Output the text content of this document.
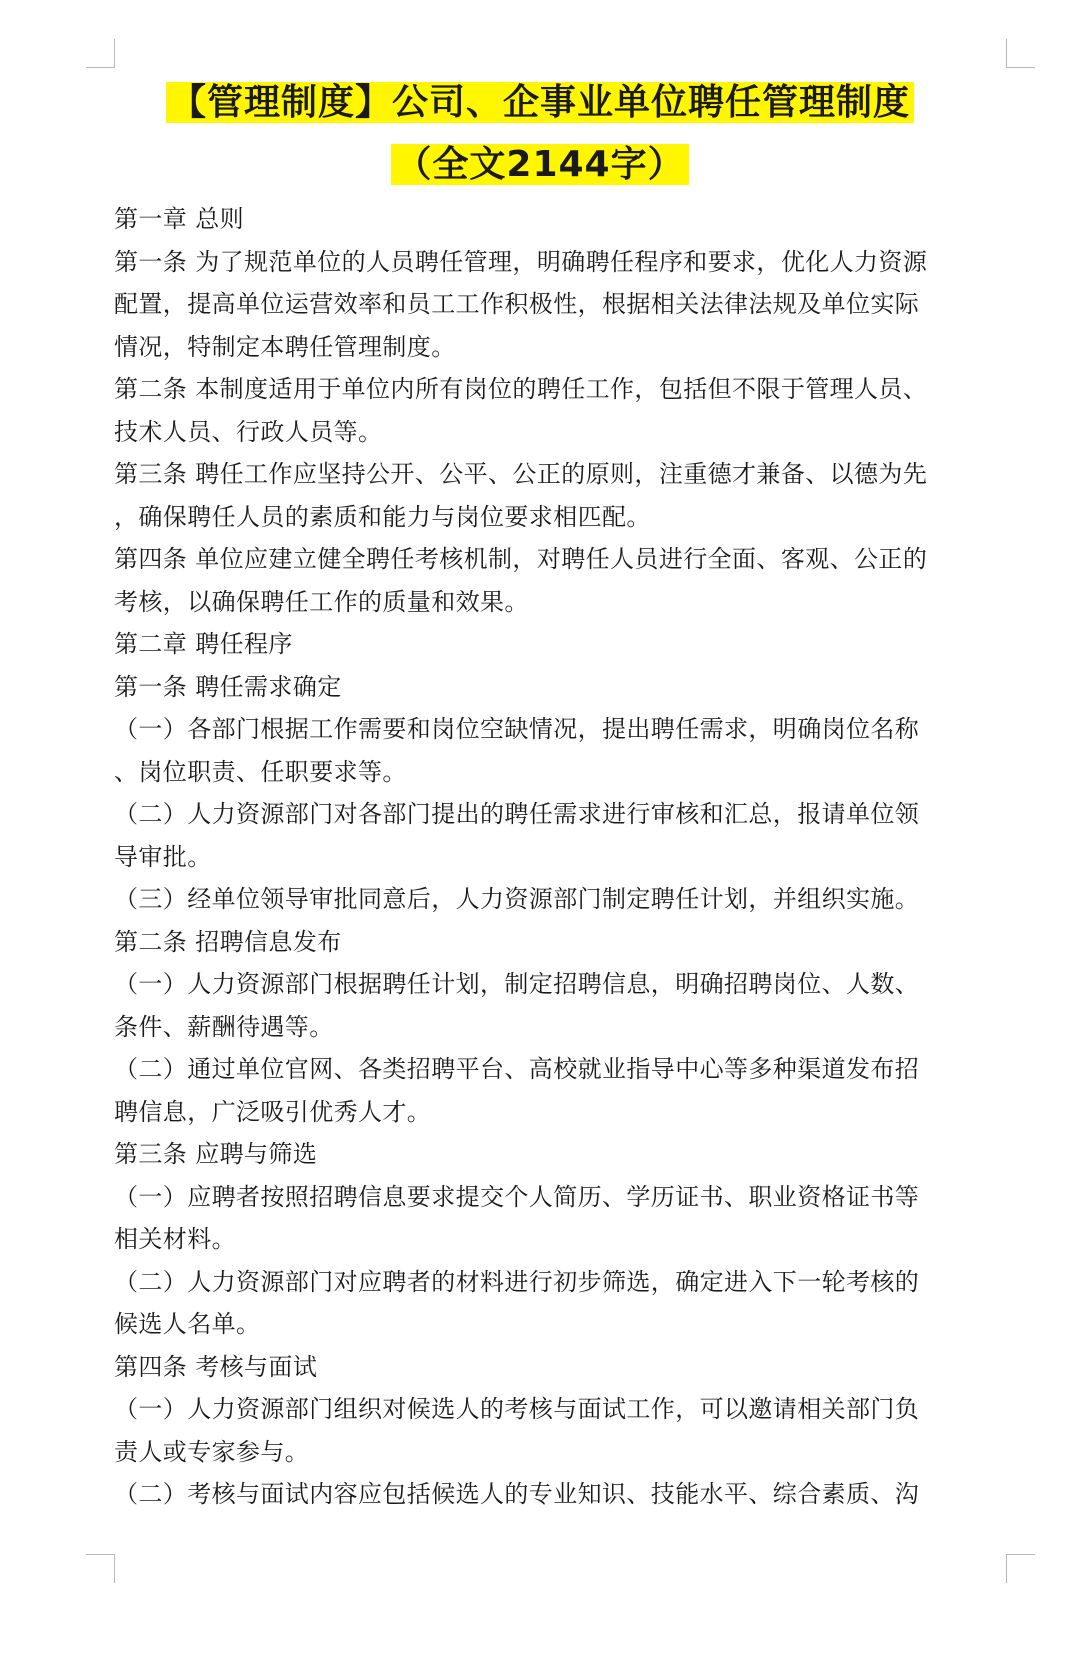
【管理制度】公司、企事业单位聘任管理制度
（全文2144字）
第一章 总则
第一条 为了规范单位的人员聘任管理，明确聘任程序和要求，优化人力资源
配置，提高单位运营效率和员工工作积极性，根据相关法律法规及单位实际
情况，特制定本聘任管理制度。
第二条 本制度适用于单位内所有岗位的聘任工作，包括但不限于管理人员、
技术人员、行政人员等。
第三条 聘任工作应坚持公开、公平、公正的原则，注重德才兼备、以德为先
，确保聘任人员的素质和能力与岗位要求相匹配。
第四条 单位应建立健全聘任考核机制，对聘任人员进行全面、客观、公正的
考核，以确保聘任工作的质量和效果。
第二章 聘任程序
第一条 聘任需求确定
（一）各部门根据工作需要和岗位空缺情况，提出聘任需求，明确岗位名称
、岗位职责、任职要求等。
（二）人力资源部门对各部门提出的聘任需求进行审核和汇总，报请单位领
导审批。
（三）经单位领导审批同意后，人力资源部门制定聘任计划，并组织实施。
第二条 招聘信息发布
（一）人力资源部门根据聘任计划，制定招聘信息，明确招聘岗位、人数、
条件、薪酬待遇等。
（二）通过单位官网、各类招聘平台、高校就业指导中心等多种渠道发布招
聘信息，广泛吸引优秀人才。
第三条 应聘与筛选
（一）应聘者按照招聘信息要求提交个人简历、学历证书、职业资格证书等
相关材料。
（二）人力资源部门对应聘者的材料进行初步筛选，确定进入下一轮考核的
候选人名单。
第四条 考核与面试
（一）人力资源部门组织对候选人的考核与面试工作，可以邀请相关部门负
责人或专家参与。
（二）考核与面试内容应包括候选人的专业知识、技能水平、综合素质、沟
